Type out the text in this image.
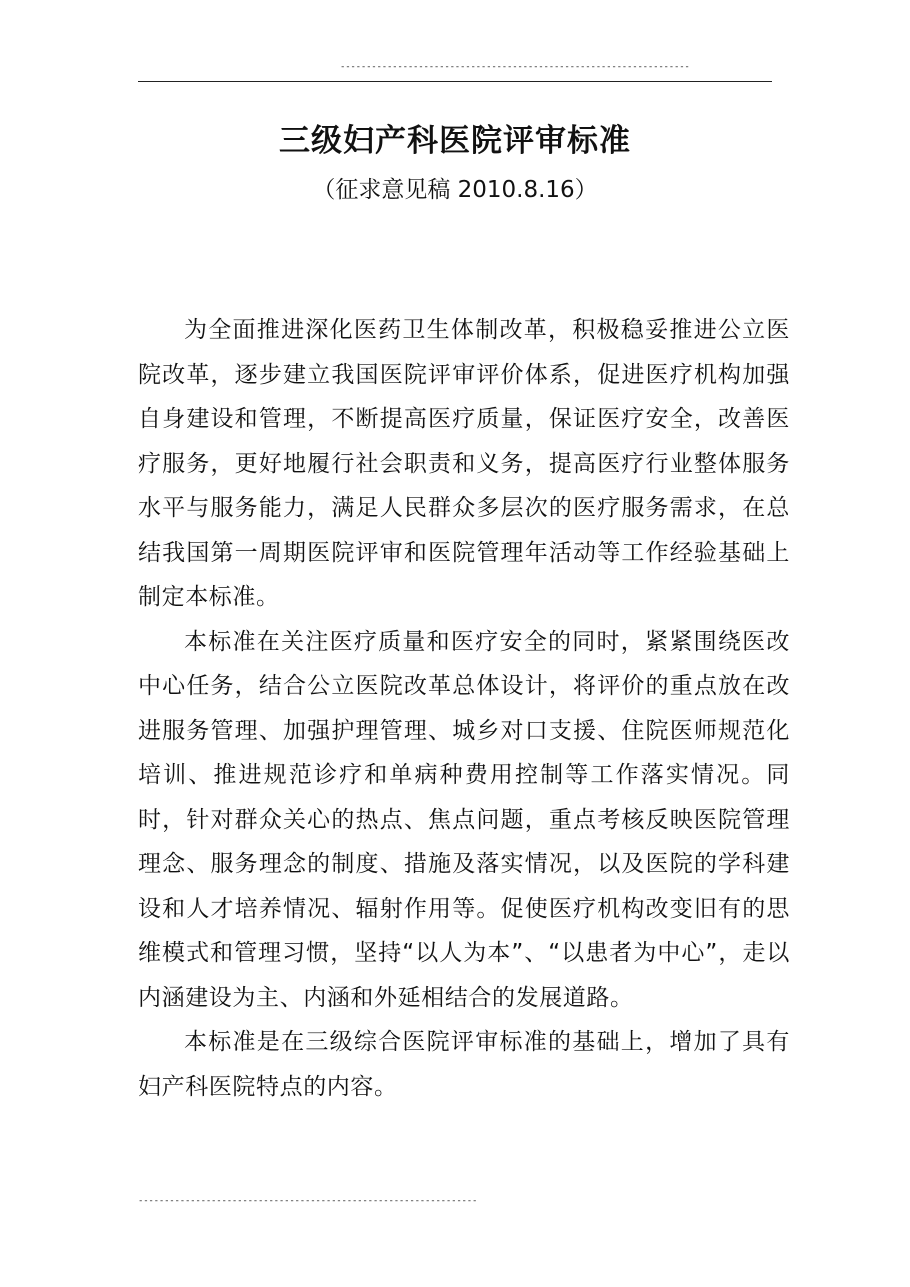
-------------------------------------------------------------------
三级妇产科医院评审标准
（征求意见稿 2010.8.16）

为全面推进深化医药卫生体制改革，积极稳妥推进公立医院改革，逐步建立我国医院评审评价体系，促进医疗机构加强自身建设和管理，不断提高医疗质量，保证医疗安全，改善医疗服务，更好地履行社会职责和义务，提高医疗行业整体服务水平与服务能力，满足人民群众多层次的医疗服务需求，在总结我国第一周期医院评审和医院管理年活动等工作经验基础上制定本标准。

本标准在关注医疗质量和医疗安全的同时，紧紧围绕医改中心任务，结合公立医院改革总体设计，将评价的重点放在改进服务管理、加强护理管理、城乡对口支援、住院医师规范化培训、推进规范诊疗和单病种费用控制等工作落实情况。同时，针对群众关心的热点、焦点问题，重点考核反映医院管理理念、服务理念的制度、措施及落实情况，以及医院的学科建设和人才培养情况、辐射作用等。促使医疗机构改变旧有的思维模式和管理习惯，坚持“以人为本”、“以患者为中心”，走以内涵建设为主、内涵和外延相结合的发展道路。

本标准是在三级综合医院评审标准的基础上，增加了具有妇产科医院特点的内容。

-----------------------------------------------------------------
